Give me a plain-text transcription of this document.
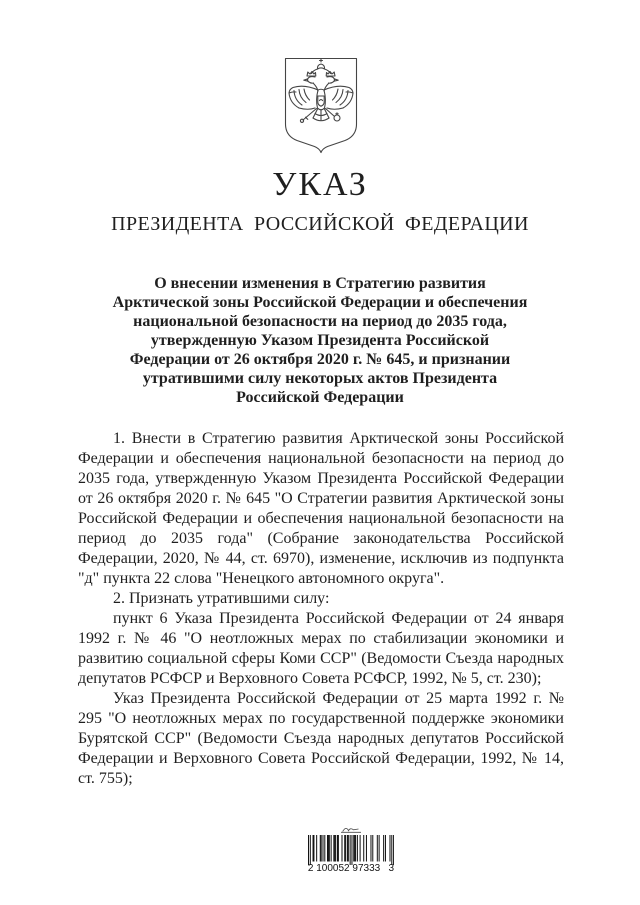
УКАЗ
ПРЕЗИДЕНТА РОССИЙСКОЙ ФЕДЕРАЦИИ
О внесении изменения в Стратегию развития
Арктической зоны Российской Федерации и обеспечения
национальной безопасности на период до 2035 года,
утвержденную Указом Президента Российской
Федерации от 26 октября 2020 г. № 645, и признании
утратившими силу некоторых актов Президента
Российской Федерации

1. Внести в Стратегию развития Арктической зоны Российской Федерации и обеспечения национальной безопасности на период до 2035 года, утвержденную Указом Президента Российской Федерации от 26 октября 2020 г. № 645 "О Стратегии развития Арктической зоны Российской Федерации и обеспечения национальной безопасности на период до 2035 года" (Собрание законодательства Российской Федерации, 2020, № 44, ст. 6970), изменение, исключив из подпункта "д" пункта 22 слова "Ненецкого автономного округа".

2. Признать утратившими силу:

пункт 6 Указа Президента Российской Федерации от 24 января 1992 г. № 46 "О неотложных мерах по стабилизации экономики и развитию социальной сферы Коми ССР" (Ведомости Съезда народных депутатов РСФСР и Верховного Совета РСФСР, 1992, № 5, ст. 230);

Указ Президента Российской Федерации от 25 марта 1992 г. № 295 "О неотложных мерах по государственной поддержке экономики Бурятской ССР" (Ведомости Съезда народных депутатов Российской Федерации и Верховного Совета Российской Федерации, 1992, № 14, ст. 755);

2 100052 97333   3
